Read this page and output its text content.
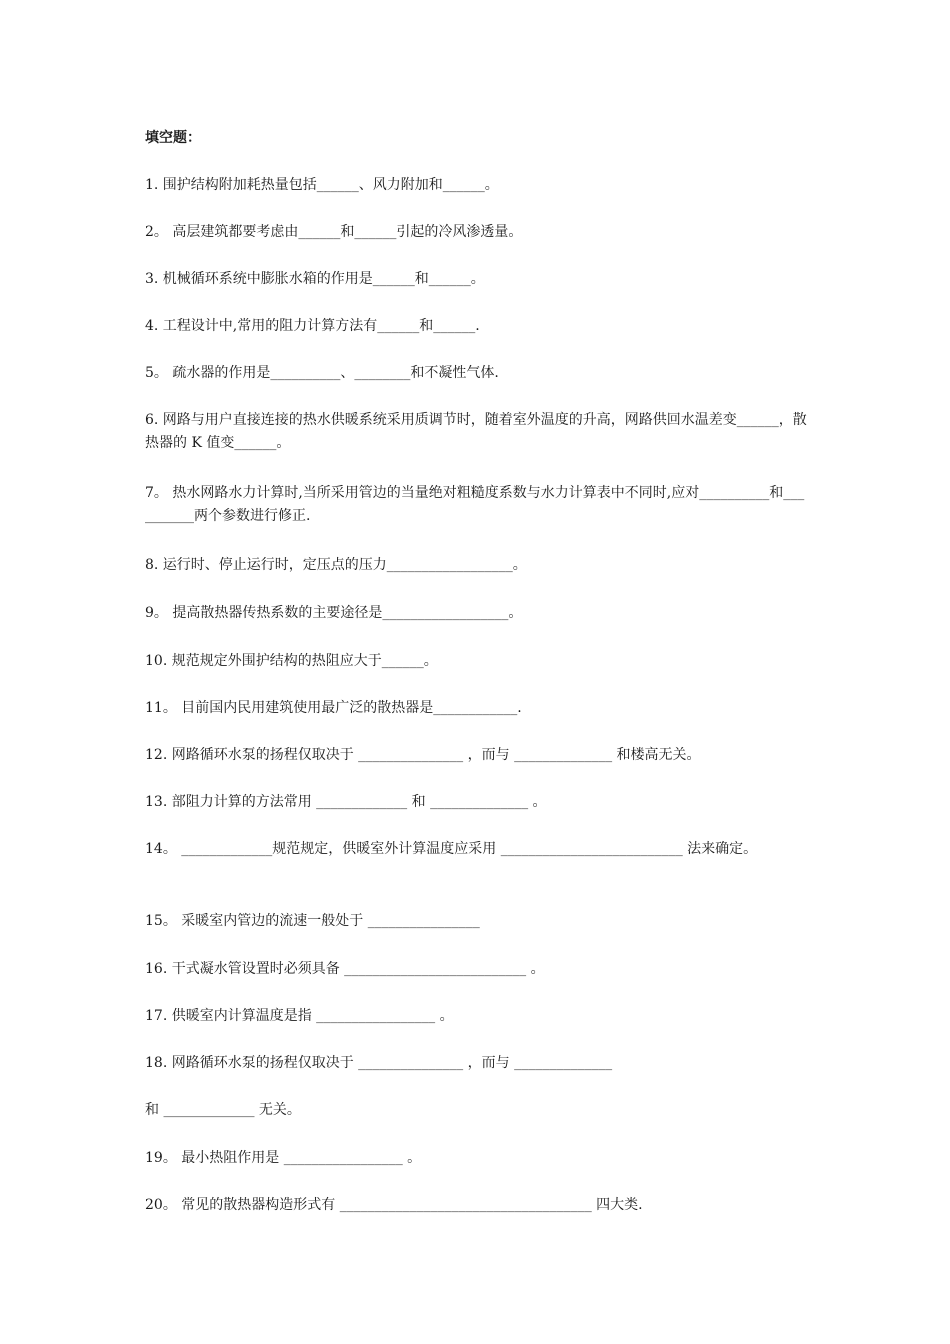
填空题：
1. 围护结构附加耗热量包括______、风力附加和______。
2。 高层建筑都要考虑由______和______引起的冷风渗透量。
3. 机械循环系统中膨胀水箱的作用是______和______。
4. 工程设计中,常用的阻力计算方法有______和______.
5。 疏水器的作用是__________、________和不凝性气体.
6. 网路与用户直接连接的热水供暖系统采用质调节时，随着室外温度的升高，网路供回水温差变______，散热器的 K 值变______。
7。 热水网路水力计算时,当所采用管边的当量绝对粗糙度系数与水力计算表中不同时,应对__________和__________两个参数进行修正.
8. 运行时、停止运行时，定压点的压力__________________。
9。 提高散热器传热系数的主要途径是__________________。
10. 规范规定外围护结构的热阻应大于______。
11。 目前国内民用建筑使用最广泛的散热器是____________.
12. 网路循环水泵的扬程仅取决于 _______________ ，而与 ______________ 和楼高无关。
13. 部阻力计算的方法常用 _____________ 和 ______________ 。
14。 _____________规范规定，供暖室外计算温度应采用 __________________________ 法来确定。
15。 采暖室内管边的流速一般处于 ________________
16. 干式凝水管设置时必须具备 __________________________ 。
17. 供暖室内计算温度是指 _________________ 。
18. 网路循环水泵的扬程仅取决于 _______________ ，而与 ______________
和 _____________ 无关。
19。 最小热阻作用是 _________________ 。
20。 常见的散热器构造形式有 ____________________________________ 四大类.
